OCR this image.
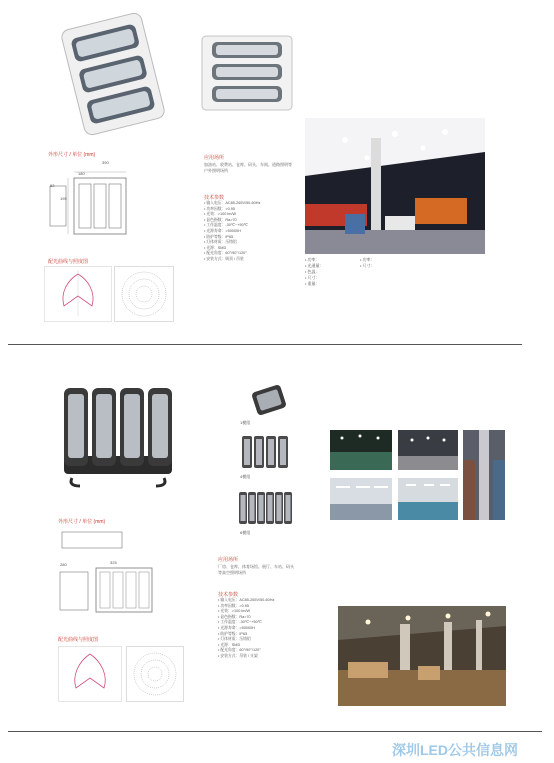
外形尺寸 / 单位 (mm)
180
195
62
390
配光曲线与照度图
应用场所
加油站、收费站、仓库、码头、车间、道路照明等
户外照明场所
技术参数
• 输入电压：AC85-265V/50-60Hz
• 功率因数：>0.95
• 光效：>100 lm/W
• 显色指数：Ra>70
• 工作温度：-30℃~+50℃
• 光源寿命：>50000H
• 防护等级：IP65
• 灯体材质：压铸铝
• 光源：SMD
• 配光角度：60°/90°/120°
• 安装方式：吸顶 / 吊装	• 功率：
• 光通量：
• 色温：
• 尺寸：
• 重量：
• 功率：
• 尺寸：
1模组
4模组
6模组
外形尺寸 / 单位 (mm)
280	325
配光曲线与照度图
应用场所
厂房、仓库、体育场馆、展厅、车站、码头
等高空照明场所
技术参数
• 输入电压：AC85-265V/50-60Hz
• 功率因数：>0.95
• 光效：>100 lm/W
• 显色指数：Ra>70
• 工作温度：-30℃~+50℃
• 光源寿命：>50000H
• 防护等级：IP65
• 灯体材质：压铸铝
• 光源：SMD
• 配光角度：60°/90°/120°
• 安装方式：吊装 / 支架
深圳LED公共信息网
